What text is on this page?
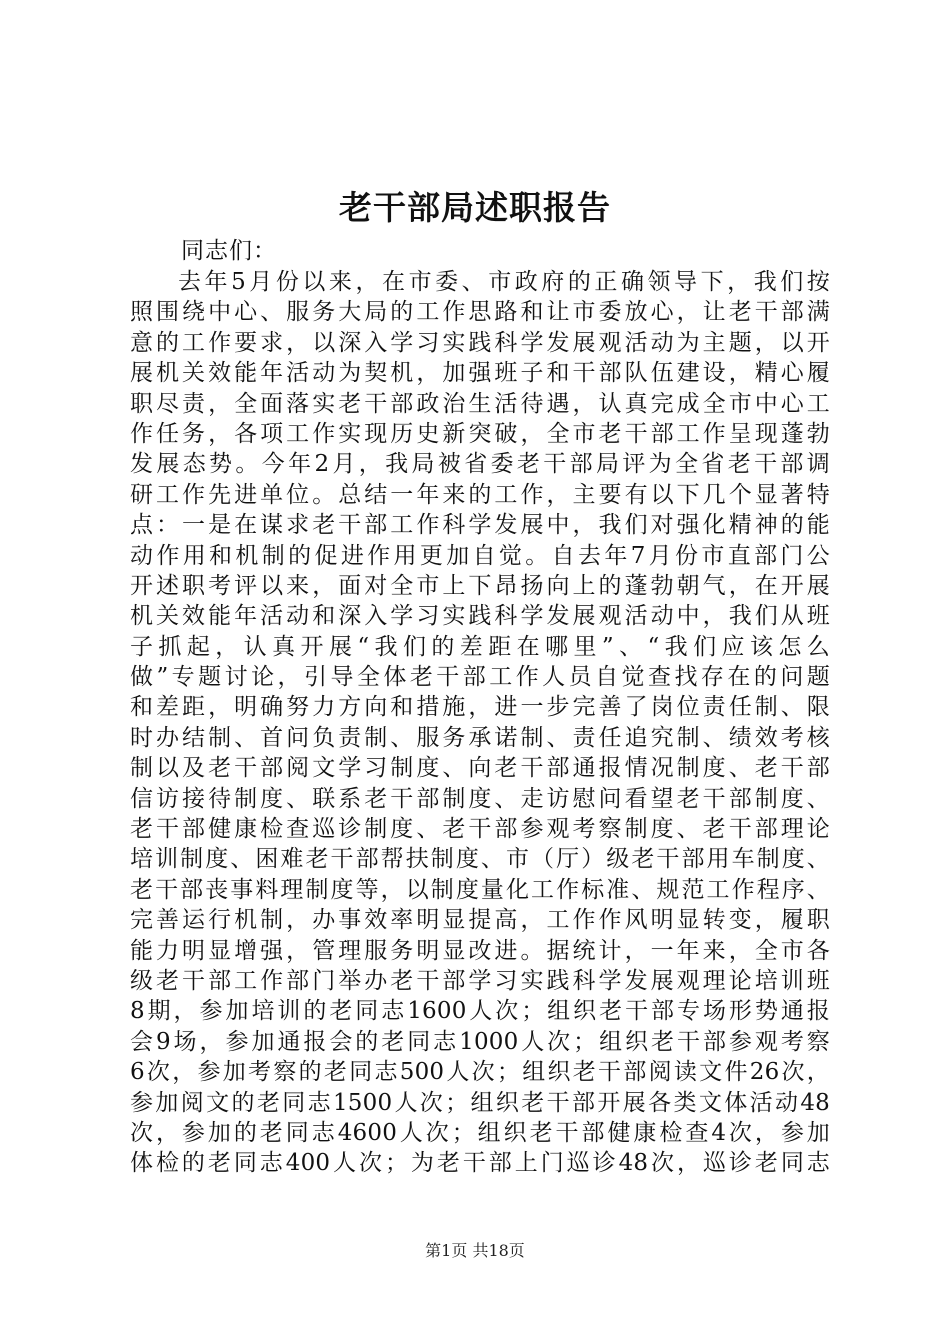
老干部局述职报告

同志们：

去年5月份以来，在市委、市政府的正确领导下，我们按
照围绕中心、服务大局的工作思路和让市委放心，让老干部满
意的工作要求，以深入学习实践科学发展观活动为主题，以开
展机关效能年活动为契机，加强班子和干部队伍建设，精心履
职尽责，全面落实老干部政治生活待遇，认真完成全市中心工
作任务，各项工作实现历史新突破，全市老干部工作呈现蓬勃
发展态势。今年2月，我局被省委老干部局评为全省老干部调
研工作先进单位。总结一年来的工作，主要有以下几个显著特
点：一是在谋求老干部工作科学发展中，我们对强化精神的能
动作用和机制的促进作用更加自觉。自去年7月份市直部门公
开述职考评以来，面对全市上下昂扬向上的蓬勃朝气，在开展
机关效能年活动和深入学习实践科学发展观活动中，我们从班
子抓起，认真开展“我们的差距在哪里”、“我们应该怎么
做”专题讨论，引导全体老干部工作人员自觉查找存在的问题
和差距，明确努力方向和措施，进一步完善了岗位责任制、限
时办结制、首问负责制、服务承诺制、责任追究制、绩效考核
制以及老干部阅文学习制度、向老干部通报情况制度、老干部
信访接待制度、联系老干部制度、走访慰问看望老干部制度、
老干部健康检查巡诊制度、老干部参观考察制度、老干部理论
培训制度、困难老干部帮扶制度、市（厅）级老干部用车制度、
老干部丧事料理制度等，以制度量化工作标准、规范工作程序、
完善运行机制，办事效率明显提高，工作作风明显转变，履职
能力明显增强，管理服务明显改进。据统计，一年来，全市各
级老干部工作部门举办老干部学习实践科学发展观理论培训班
8期，参加培训的老同志1600人次；组织老干部专场形势通报
会9场，参加通报会的老同志1000人次；组织老干部参观考察
6次，参加考察的老同志500人次；组织老干部阅读文件26次，
参加阅文的老同志1500人次；组织老干部开展各类文体活动48
次，参加的老同志4600人次；组织老干部健康检查4次，参加
体检的老同志400人次；为老干部上门巡诊48次，巡诊老同志

第1页 共18页
